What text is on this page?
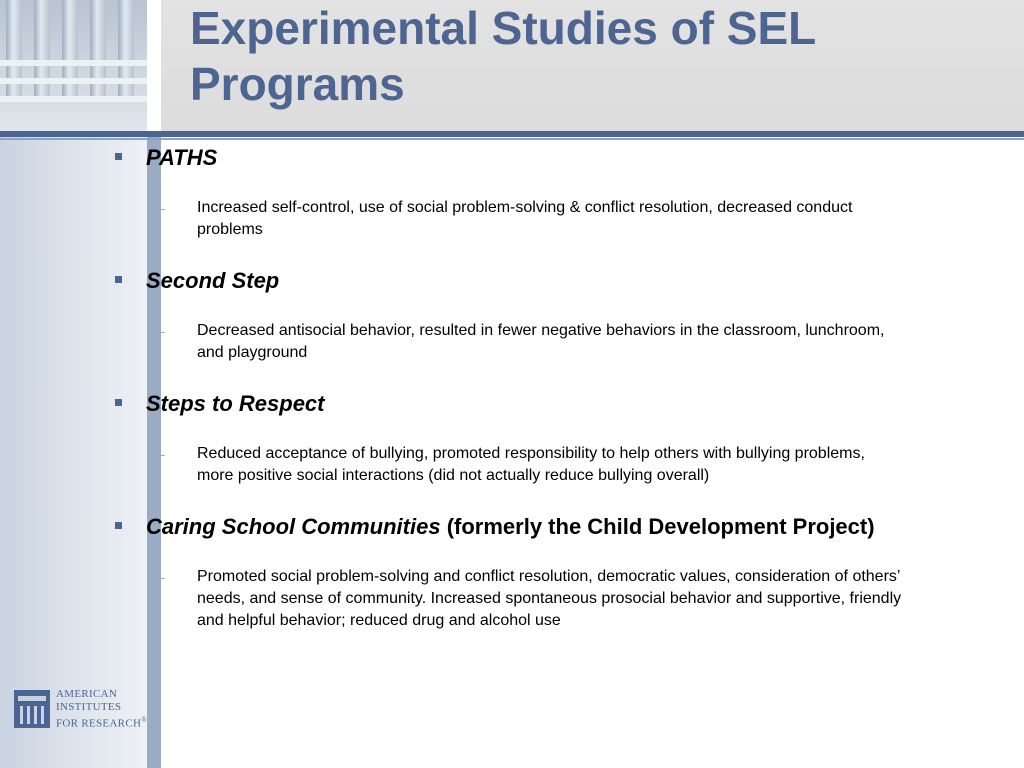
Experimental Studies of SEL Programs
PATHS
– Increased self-control, use of social problem-solving & conflict resolution, decreased conduct problems
Second Step
– Decreased antisocial behavior, resulted in fewer negative behaviors in the classroom, lunchroom, and playground
Steps to Respect
– Reduced acceptance of bullying, promoted responsibility to help others with bullying problems, more positive social interactions (did not actually reduce bullying overall)
Caring School Communities (formerly the Child Development Project)
– Promoted social problem-solving and conflict resolution, democratic values, consideration of others’ needs, and sense of community. Increased spontaneous prosocial behavior and supportive, friendly and helpful behavior; reduced drug and alcohol use
AMERICAN
INSTITUTES
FOR RESEARCH®
